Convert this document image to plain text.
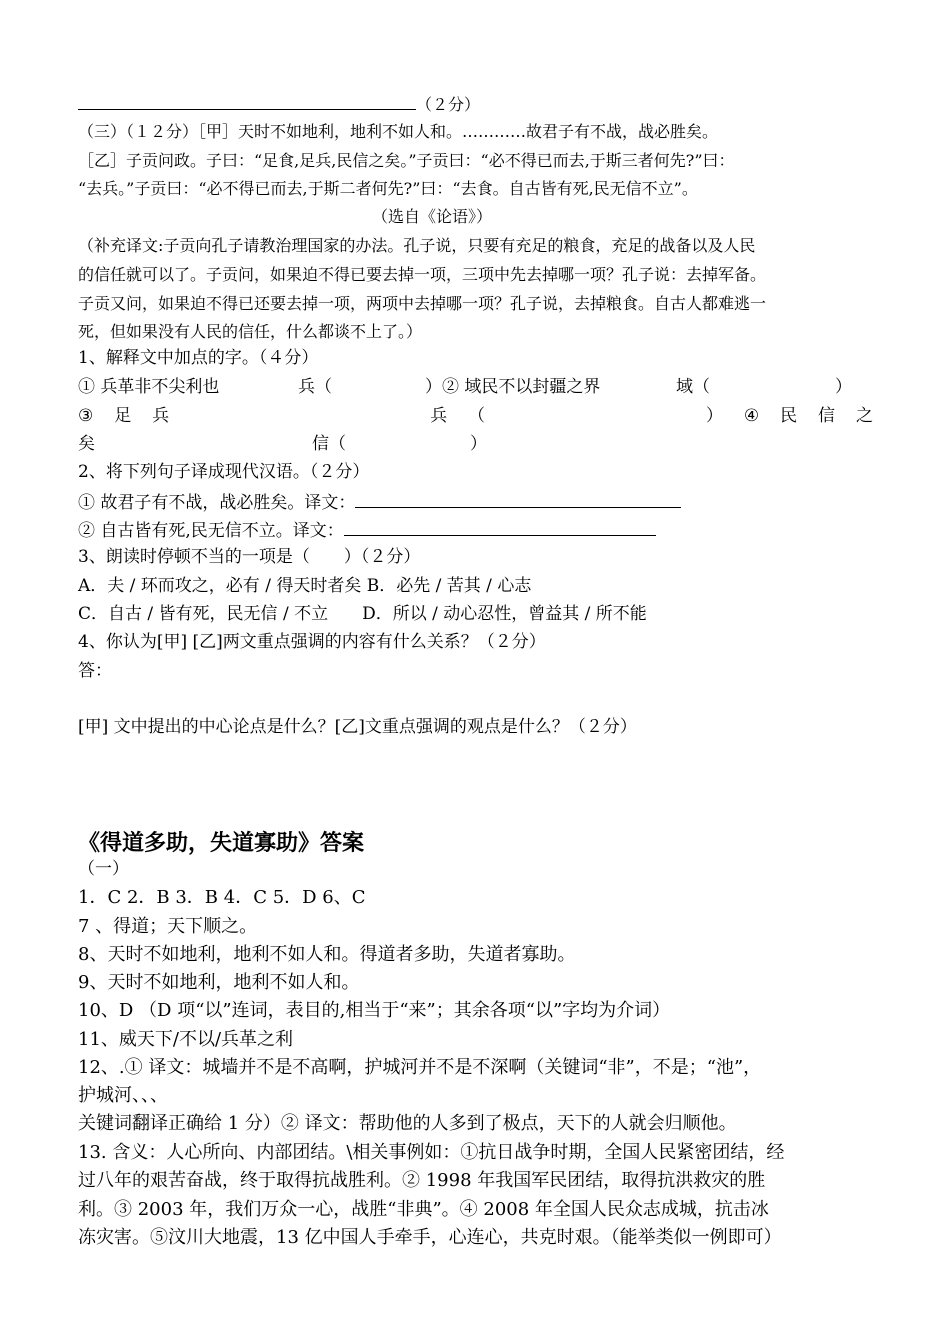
（２分）
（三）（１２分）［甲］天时不如地利，地利不如人和。…………故君子有不战，战必胜矣。
［乙］子贡问政。子曰：“足食,足兵,民信之矣。”子贡曰：“必不得已而去,于斯三者何先?”曰：
“去兵。”子贡曰：“必不得已而去,于斯二者何先?”曰：“去食。自古皆有死,民无信不立”。
（选自《论语》）
（补充译文:子贡向孔子请教治理国家的办法。孔子说，只要有充足的粮食，充足的战备以及人民
的信任就可以了。子贡问，如果迫不得已要去掉一项，三项中先去掉哪一项？孔子说：去掉军备。
子贡又问，如果迫不得已还要去掉一项，两项中去掉哪一项？孔子说，去掉粮食。自古人都难逃一
死，但如果没有人民的信任，什么都谈不上了。）
1、解释文中加点的字。（４分）
① 兵革非不尖利也	兵（	）② 域民不以封疆之界	域（	）
③ 足 兵	兵 （	） ④ 民 信 之
矣	信（	）
2、将下列句子译成现代汉语。（２分）
① 故君子有不战，战必胜矣。译文：
② 自古皆有死,民无信不立。译文：
3、朗读时停顿不当的一项是（　　）（２分）
A．夫 / 环而攻之，必有 / 得天时者矣 B．必先 / 苦其 / 心志
C．自古 / 皆有死，民无信 / 不立　　D．所以 / 动心忍性，曾益其 / 所不能
4、你认为[甲] [乙]两文重点强调的内容有什么关系？（２分）
答：
[甲] 文中提出的中心论点是什么？[乙]文重点强调的观点是什么？（２分）
《得道多助，失道寡助》答案
（一）
1．C 2．B 3．B 4．C 5．D 6、C
7 、得道；天下顺之。
8、天时不如地利，地利不如人和。得道者多助，失道者寡助。
9、天时不如地利，地利不如人和。
10、D （D 项“以”连词，表目的,相当于“来”；其余各项“以”字均为介词）
11、威天下/不以/兵革之利
12、.① 译文：城墙并不是不高啊，护城河并不是不深啊（关键词“非”，不是；“池”，
护城河、、、
关键词翻译正确给 1 分）② 译文：帮助他的人多到了极点，天下的人就会归顺他。
13. 含义：人心所向、内部团结。\相关事例如：①抗日战争时期，全国人民紧密团结，经
过八年的艰苦奋战，终于取得抗战胜利。② 1998 年我国军民团结，取得抗洪救灾的胜
利。③ 2003 年，我们万众一心，战胜“非典”。④ 2008 年全国人民众志成城，抗击冰
冻灾害。⑤汶川大地震，13 亿中国人手牵手，心连心，共克时艰。（能举类似一例即可）
